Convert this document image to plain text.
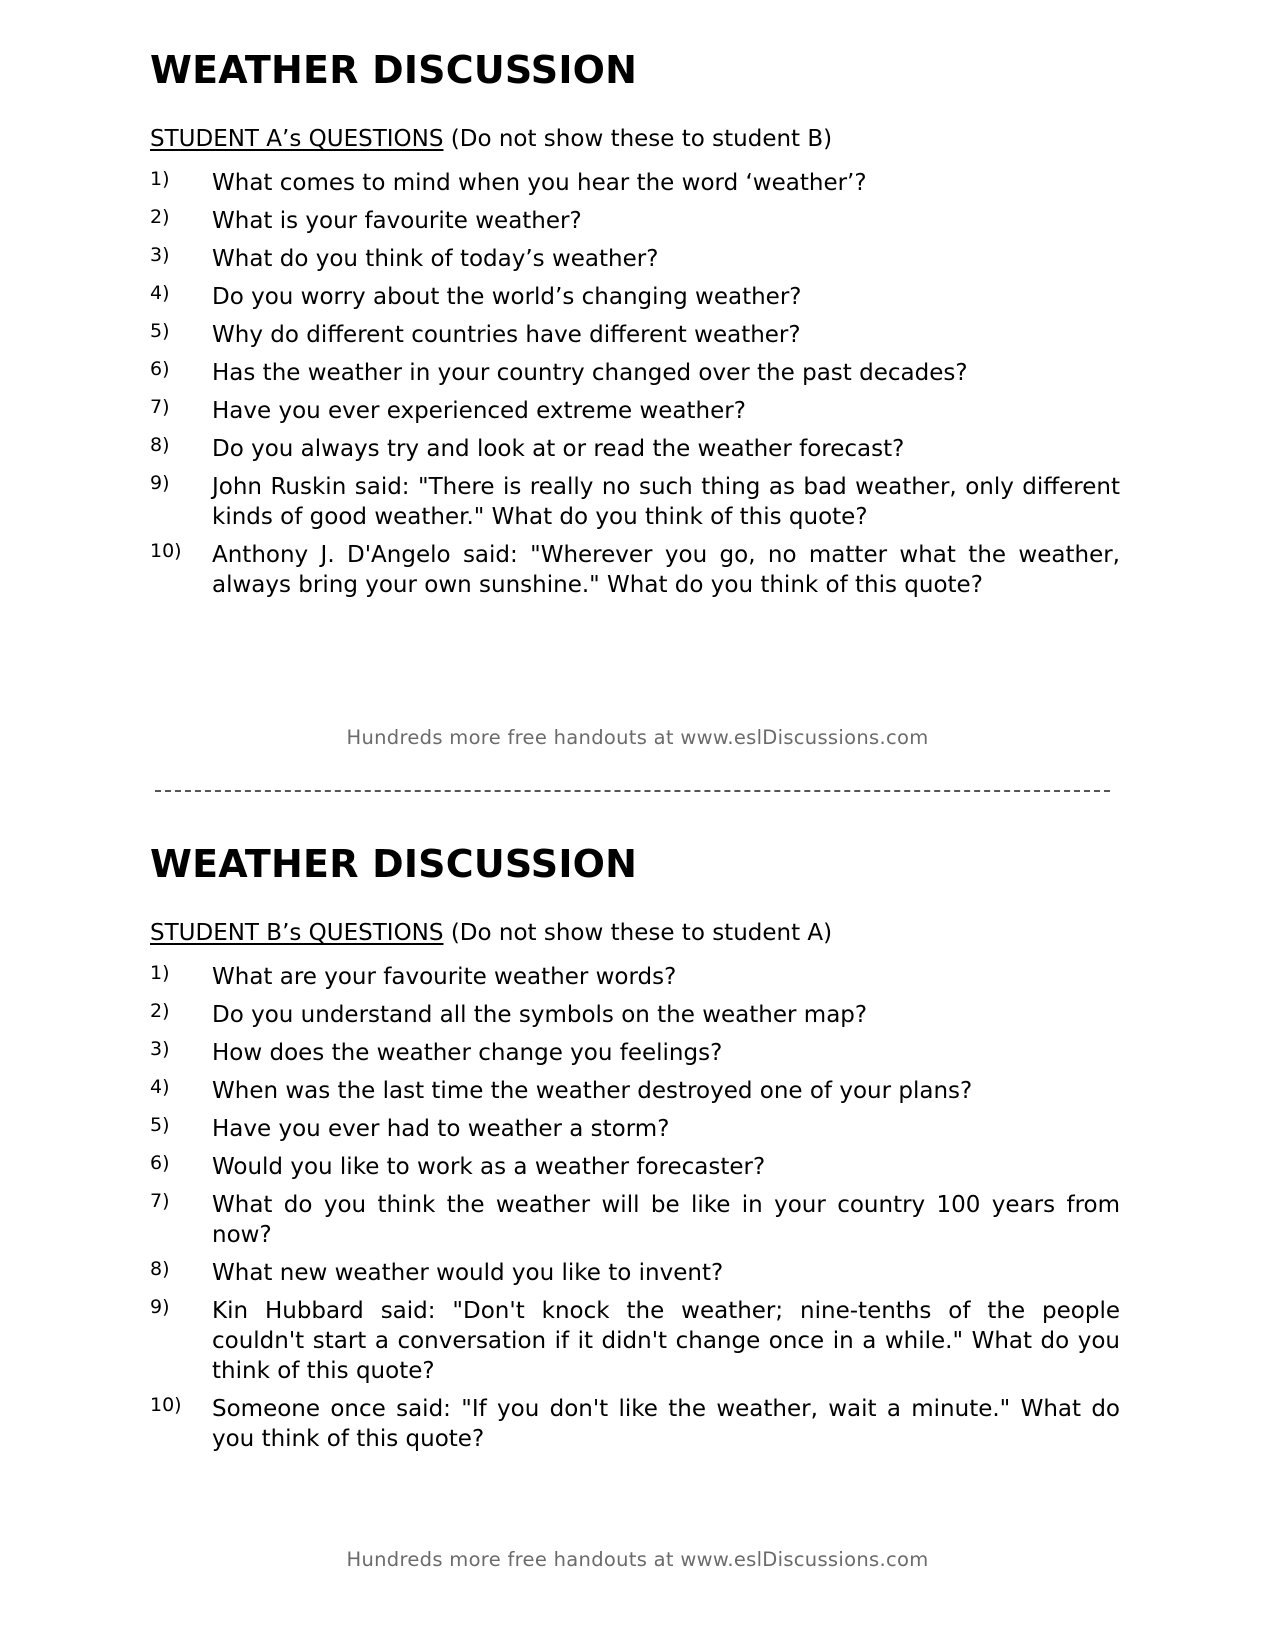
WEATHER DISCUSSION
STUDENT A’s QUESTIONS (Do not show these to student B)
1)	What comes to mind when you hear the word ‘weather’?
2)	What is your favourite weather?
3)	What do you think of today’s weather?
4)	Do you worry about the world’s changing weather?
5)	Why do different countries have different weather?
6)	Has the weather in your country changed over the past decades?
7)	Have you ever experienced extreme weather?
8)	Do you always try and look at or read the weather forecast?
9)	John Ruskin said: "There is really no such thing as bad weather, only different kinds of good weather." What do you think of this quote?
10)	Anthony J. D'Angelo said: "Wherever you go, no matter what the weather, always bring your own sunshine." What do you think of this quote?
Hundreds more free handouts at www.eslDiscussions.com
WEATHER DISCUSSION
STUDENT B’s QUESTIONS (Do not show these to student A)
1)	What are your favourite weather words?
2)	Do you understand all the symbols on the weather map?
3)	How does the weather change you feelings?
4)	When was the last time the weather destroyed one of your plans?
5)	Have you ever had to weather a storm?
6)	Would you like to work as a weather forecaster?
7)	What do you think the weather will be like in your country 100 years from now?
8)	What new weather would you like to invent?
9)	Kin Hubbard said: "Don't knock the weather; nine-tenths of the people couldn't start a conversation if it didn't change once in a while." What do you think of this quote?
10)	Someone once said: "If you don't like the weather, wait a minute." What do you think of this quote?
Hundreds more free handouts at www.eslDiscussions.com
